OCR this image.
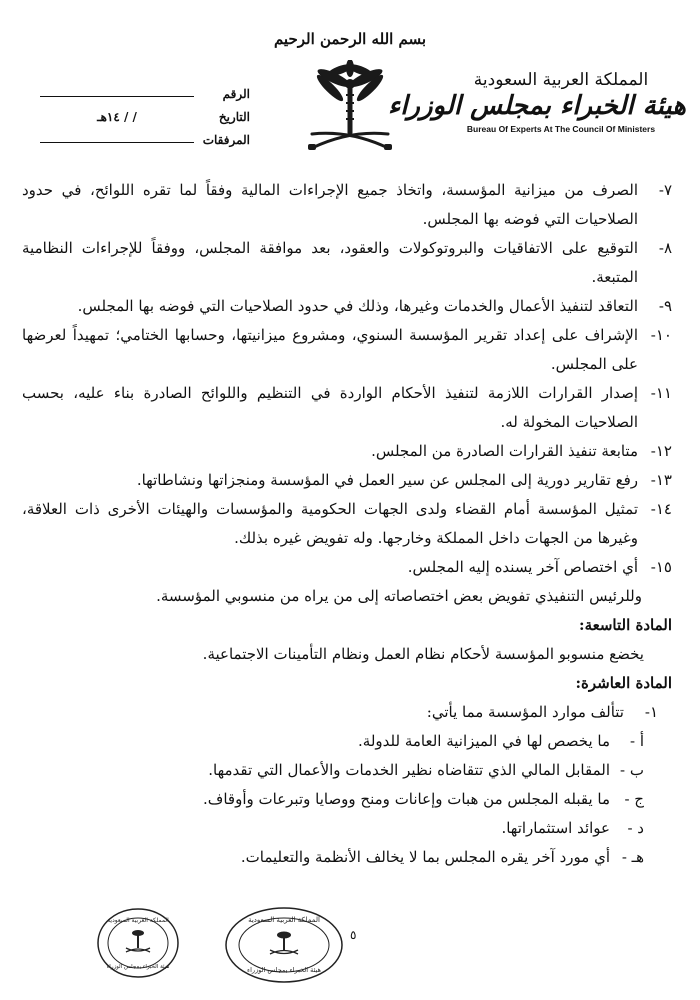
بسم الله الرحمن الرحيم
المملكة العربية السعودية
هيئة الخبراء بمجلس الوزراء
Bureau Of Experts At The Council Of Ministers
الرقم
التاريخ
/ / ١٤هـ
المرفقات
٧-
الصرف من ميزانية المؤسسة، واتخاذ جميع الإجراءات المالية وفقاً لما تقره اللوائح، في حدود الصلاحيات التي فوضه بها المجلس.
٨-
التوقيع على الاتفاقيات والبروتوكولات والعقود، بعد موافقة المجلس، ووفقاً للإجراءات النظامية المتبعة.
٩-
التعاقد لتنفيذ الأعمال والخدمات وغيرها، وذلك في حدود الصلاحيات التي فوضه بها المجلس.
١٠-
الإشراف على إعداد تقرير المؤسسة السنوي، ومشروع ميزانيتها، وحسابها الختامي؛ تمهيداً لعرضها على المجلس.
١١-
إصدار القرارات اللازمة لتنفيذ الأحكام الواردة في التنظيم واللوائح الصادرة بناء عليه، بحسب الصلاحيات المخولة له.
١٢-
متابعة تنفيذ القرارات الصادرة من المجلس.
١٣-
رفع تقارير دورية إلى المجلس عن سير العمل في المؤسسة ومنجزاتها ونشاطاتها.
١٤-
تمثيل المؤسسة أمام القضاء ولدى الجهات الحكومية والمؤسسات والهيئات الأخرى ذات العلاقة، وغيرها من الجهات داخل المملكة وخارجها. وله تفويض غيره بذلك.
١٥-
أي اختصاص آخر يسنده إليه المجلس.
وللرئيس التنفيذي تفويض بعض اختصاصاته إلى من يراه من منسوبي المؤسسة.
المادة التاسعة:
يخضع منسوبو المؤسسة لأحكام نظام العمل ونظام التأمينات الاجتماعية.
المادة العاشرة:
١-
تتألف موارد المؤسسة مما يأتي:
أ -
ما يخصص لها في الميزانية العامة للدولة.
ب -
المقابل المالي الذي تتقاضاه نظير الخدمات والأعمال التي تقدمها.
ج -
ما يقبله المجلس من هبات وإعانات ومنح ووصايا وتبرعات وأوقاف.
د -
عوائد استثماراتها.
هـ -
أي مورد آخر يقره المجلس بما لا يخالف الأنظمة والتعليمات.
المملكة العربية السعودية
هيئة الخبراء بمجلس الوزراء
المملكة العربية السعودية
هيئة الخبراء بمجلس الوزراء
٥
